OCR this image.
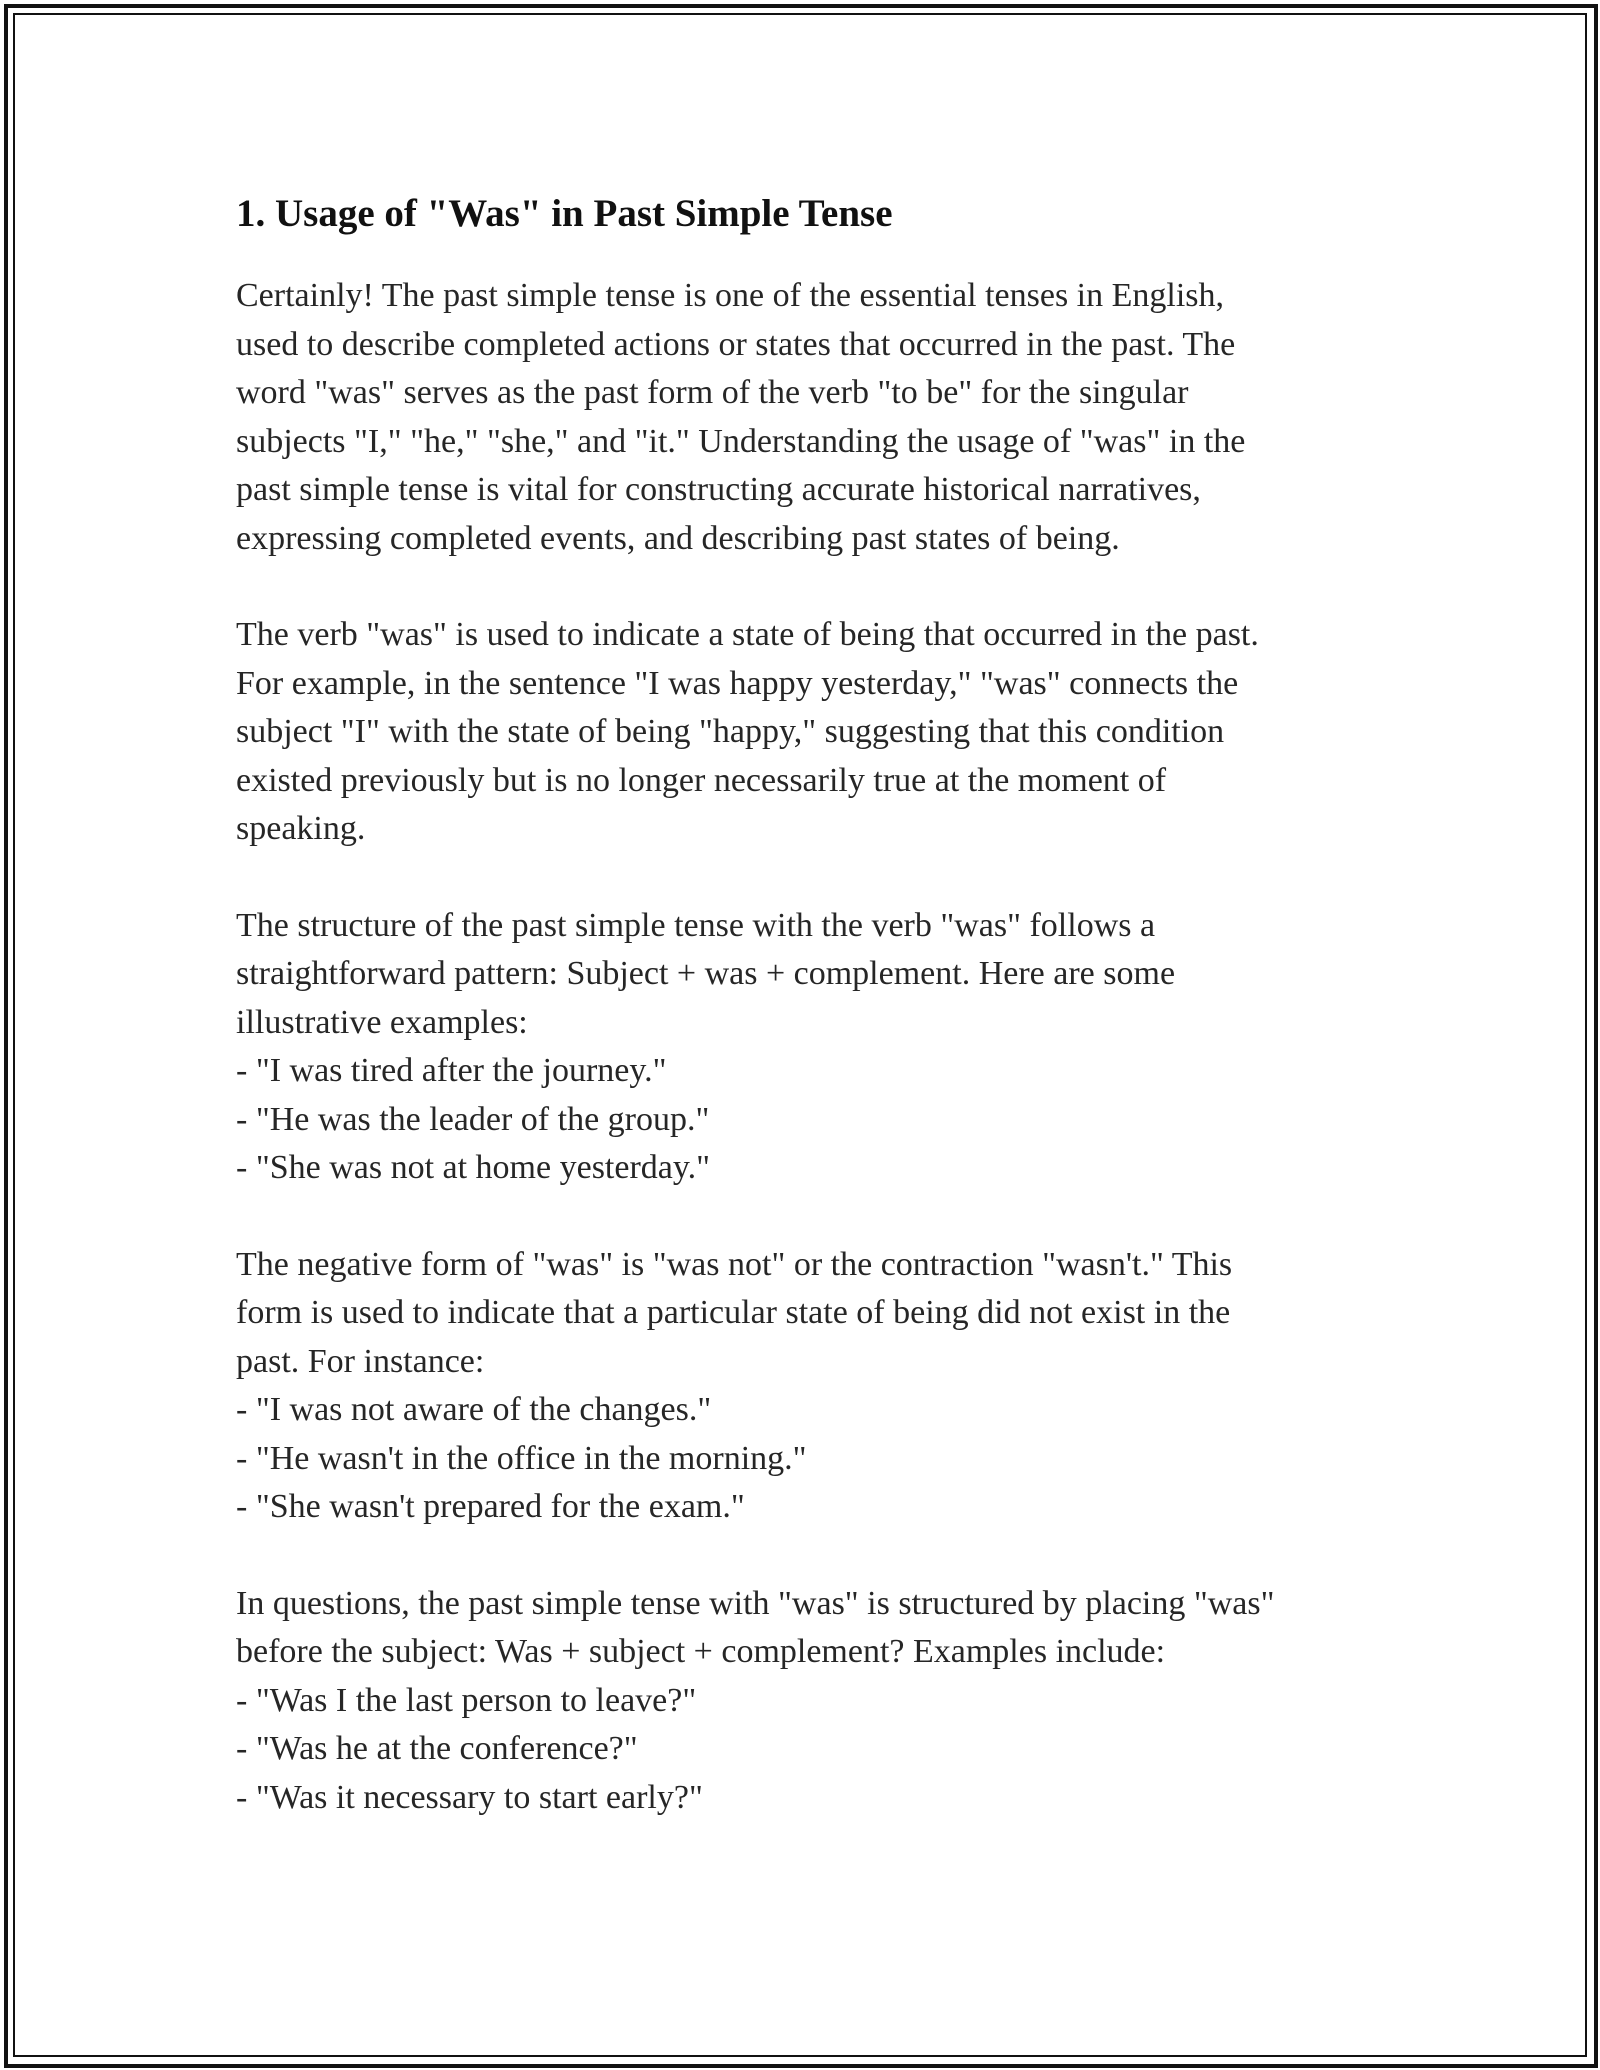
1. Usage of "Was" in Past Simple Tense

Certainly! The past simple tense is one of the essential tenses in English,
used to describe completed actions or states that occurred in the past. The
word "was" serves as the past form of the verb "to be" for the singular
subjects "I," "he," "she," and "it." Understanding the usage of "was" in the
past simple tense is vital for constructing accurate historical narratives,
expressing completed events, and describing past states of being.

The verb "was" is used to indicate a state of being that occurred in the past.
For example, in the sentence "I was happy yesterday," "was" connects the
subject "I" with the state of being "happy," suggesting that this condition
existed previously but is no longer necessarily true at the moment of
speaking.

The structure of the past simple tense with the verb "was" follows a
straightforward pattern: Subject + was + complement. Here are some
illustrative examples:

- "I was tired after the journey."
- "He was the leader of the group."
- "She was not at home yesterday."

The negative form of "was" is "was not" or the contraction "wasn't." This
form is used to indicate that a particular state of being did not exist in the
past. For instance:

- "I was not aware of the changes."
- "He wasn't in the office in the morning."
- "She wasn't prepared for the exam."

In questions, the past simple tense with "was" is structured by placing "was"
before the subject: Was + subject + complement? Examples include:

- "Was I the last person to leave?"
- "Was he at the conference?"
- "Was it necessary to start early?"
